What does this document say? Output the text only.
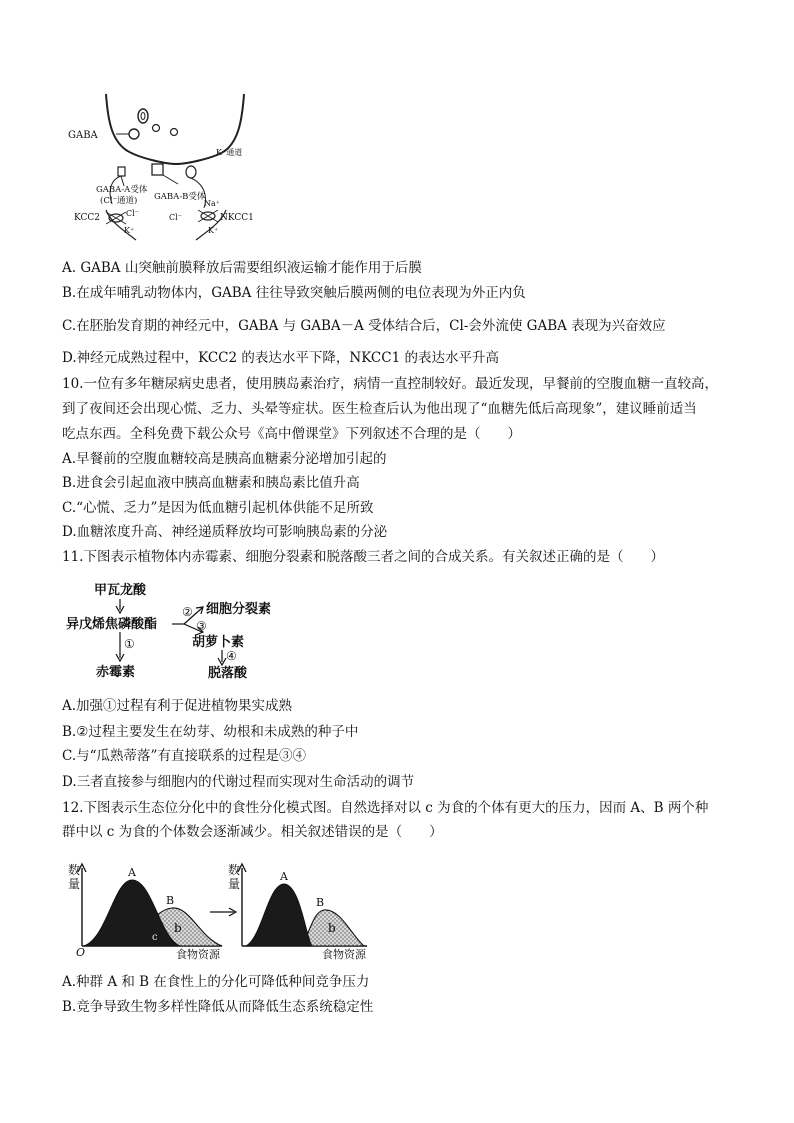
GABA
K⁺通道
GABA-A受体
(Cl⁻通道) GABA-B受体
KCC2	Cl⁻
K⁺
Na⁺
Cl⁻
K⁺
NKCC1
A. GABA 山突触前膜释放后需要组织液运输才能作用于后膜
B.在成年哺乳动物体内，GABA 往往导致突触后膜两侧的电位表现为外正内负
C.在胚胎发育期的神经元中，GABA 与 GABA－A 受体结合后，Cl-会外流使 GABA 表现为兴奋效应
D.神经元成熟过程中，KCC2 的表达水平下降，NKCC1 的表达水平升高
10.一位有多年糖尿病史患者，使用胰岛素治疗，病情一直控制较好。最近发现，早餐前的空腹血糖一直较高，
到了夜间还会出现心慌、乏力、头晕等症状。医生检查后认为他出现了“血糖先低后高现象”，建议睡前适当
吃点东西。全科免费下载公众号《高中僧课堂》下列叙述不合理的是（　　）
A.早餐前的空腹血糖较高是胰高血糖素分泌增加引起的
B.进食会引起血液中胰高血糖素和胰岛素比值升高
C.“心慌、乏力”是因为低血糖引起机体供能不足所致
D.血糖浓度升高、神经递质释放均可影响胰岛素的分泌
11.下图表示植物体内赤霉素、细胞分裂素和脱落酸三者之间的合成关系。有关叙述正确的是（　　）
甲瓦龙酸
异戊烯焦磷酸酯
①
赤霉素
② 细胞分裂素
③
胡萝卜素
④
脱落酸
A.加强①过程有利于促进植物果实成熟
B.②过程主要发生在幼芽、幼根和未成熟的种子中
C.与“瓜熟蒂落”有直接联系的过程是③④
D.三者直接参与细胞内的代谢过程而实现对生命活动的调节
12.下图表示生态位分化中的食性分化模式图。自然选择对以 c 为食的个体有更大的压力，因而 A、B 两个种
群中以 c 为食的个体数会逐渐减少。相关叙述错误的是（　　）
数
量
O
A
B
b
c
数
量
A
B
b
食物资源
食物资源
A.种群 A 和 B 在食性上的分化可降低种间竞争压力
B.竞争导致生物多样性降低从而降低生态系统稳定性
